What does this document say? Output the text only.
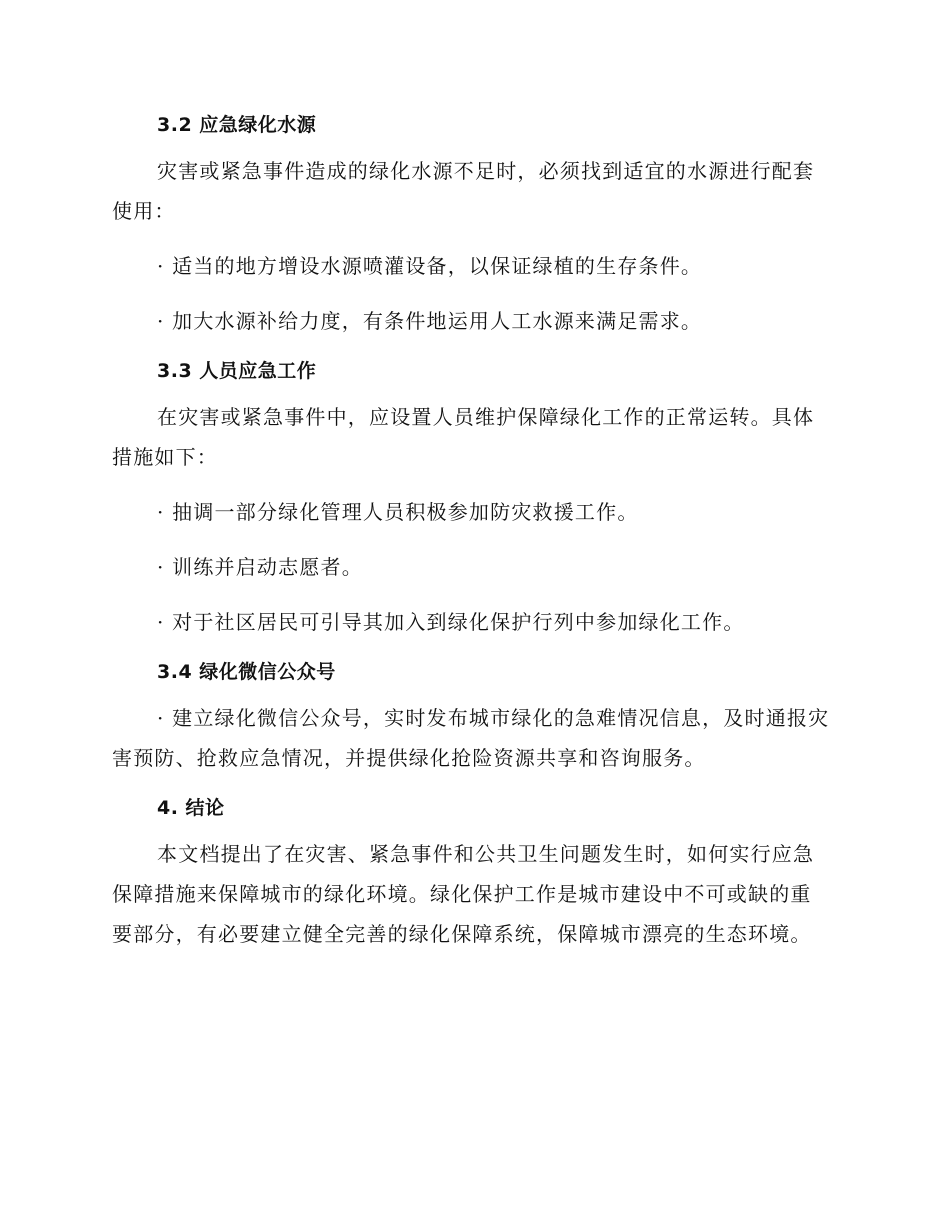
3.2 应急绿化水源

灾害或紧急事件造成的绿化水源不足时，必须找到适宜的水源进行配套使用：

· 适当的地方增设水源喷灌设备，以保证绿植的生存条件。

· 加大水源补给力度，有条件地运用人工水源来满足需求。

3.3 人员应急工作

在灾害或紧急事件中，应设置人员维护保障绿化工作的正常运转。具体措施如下：

· 抽调一部分绿化管理人员积极参加防灾救援工作。

· 训练并启动志愿者。

· 对于社区居民可引导其加入到绿化保护行列中参加绿化工作。

3.4 绿化微信公众号

· 建立绿化微信公众号，实时发布城市绿化的急难情况信息，及时通报灾害预防、抢救应急情况，并提供绿化抢险资源共享和咨询服务。

4. 结论

本文档提出了在灾害、紧急事件和公共卫生问题发生时，如何实行应急保障措施来保障城市的绿化环境。绿化保护工作是城市建设中不可或缺的重要部分，有必要建立健全完善的绿化保障系统，保障城市漂亮的生态环境。
